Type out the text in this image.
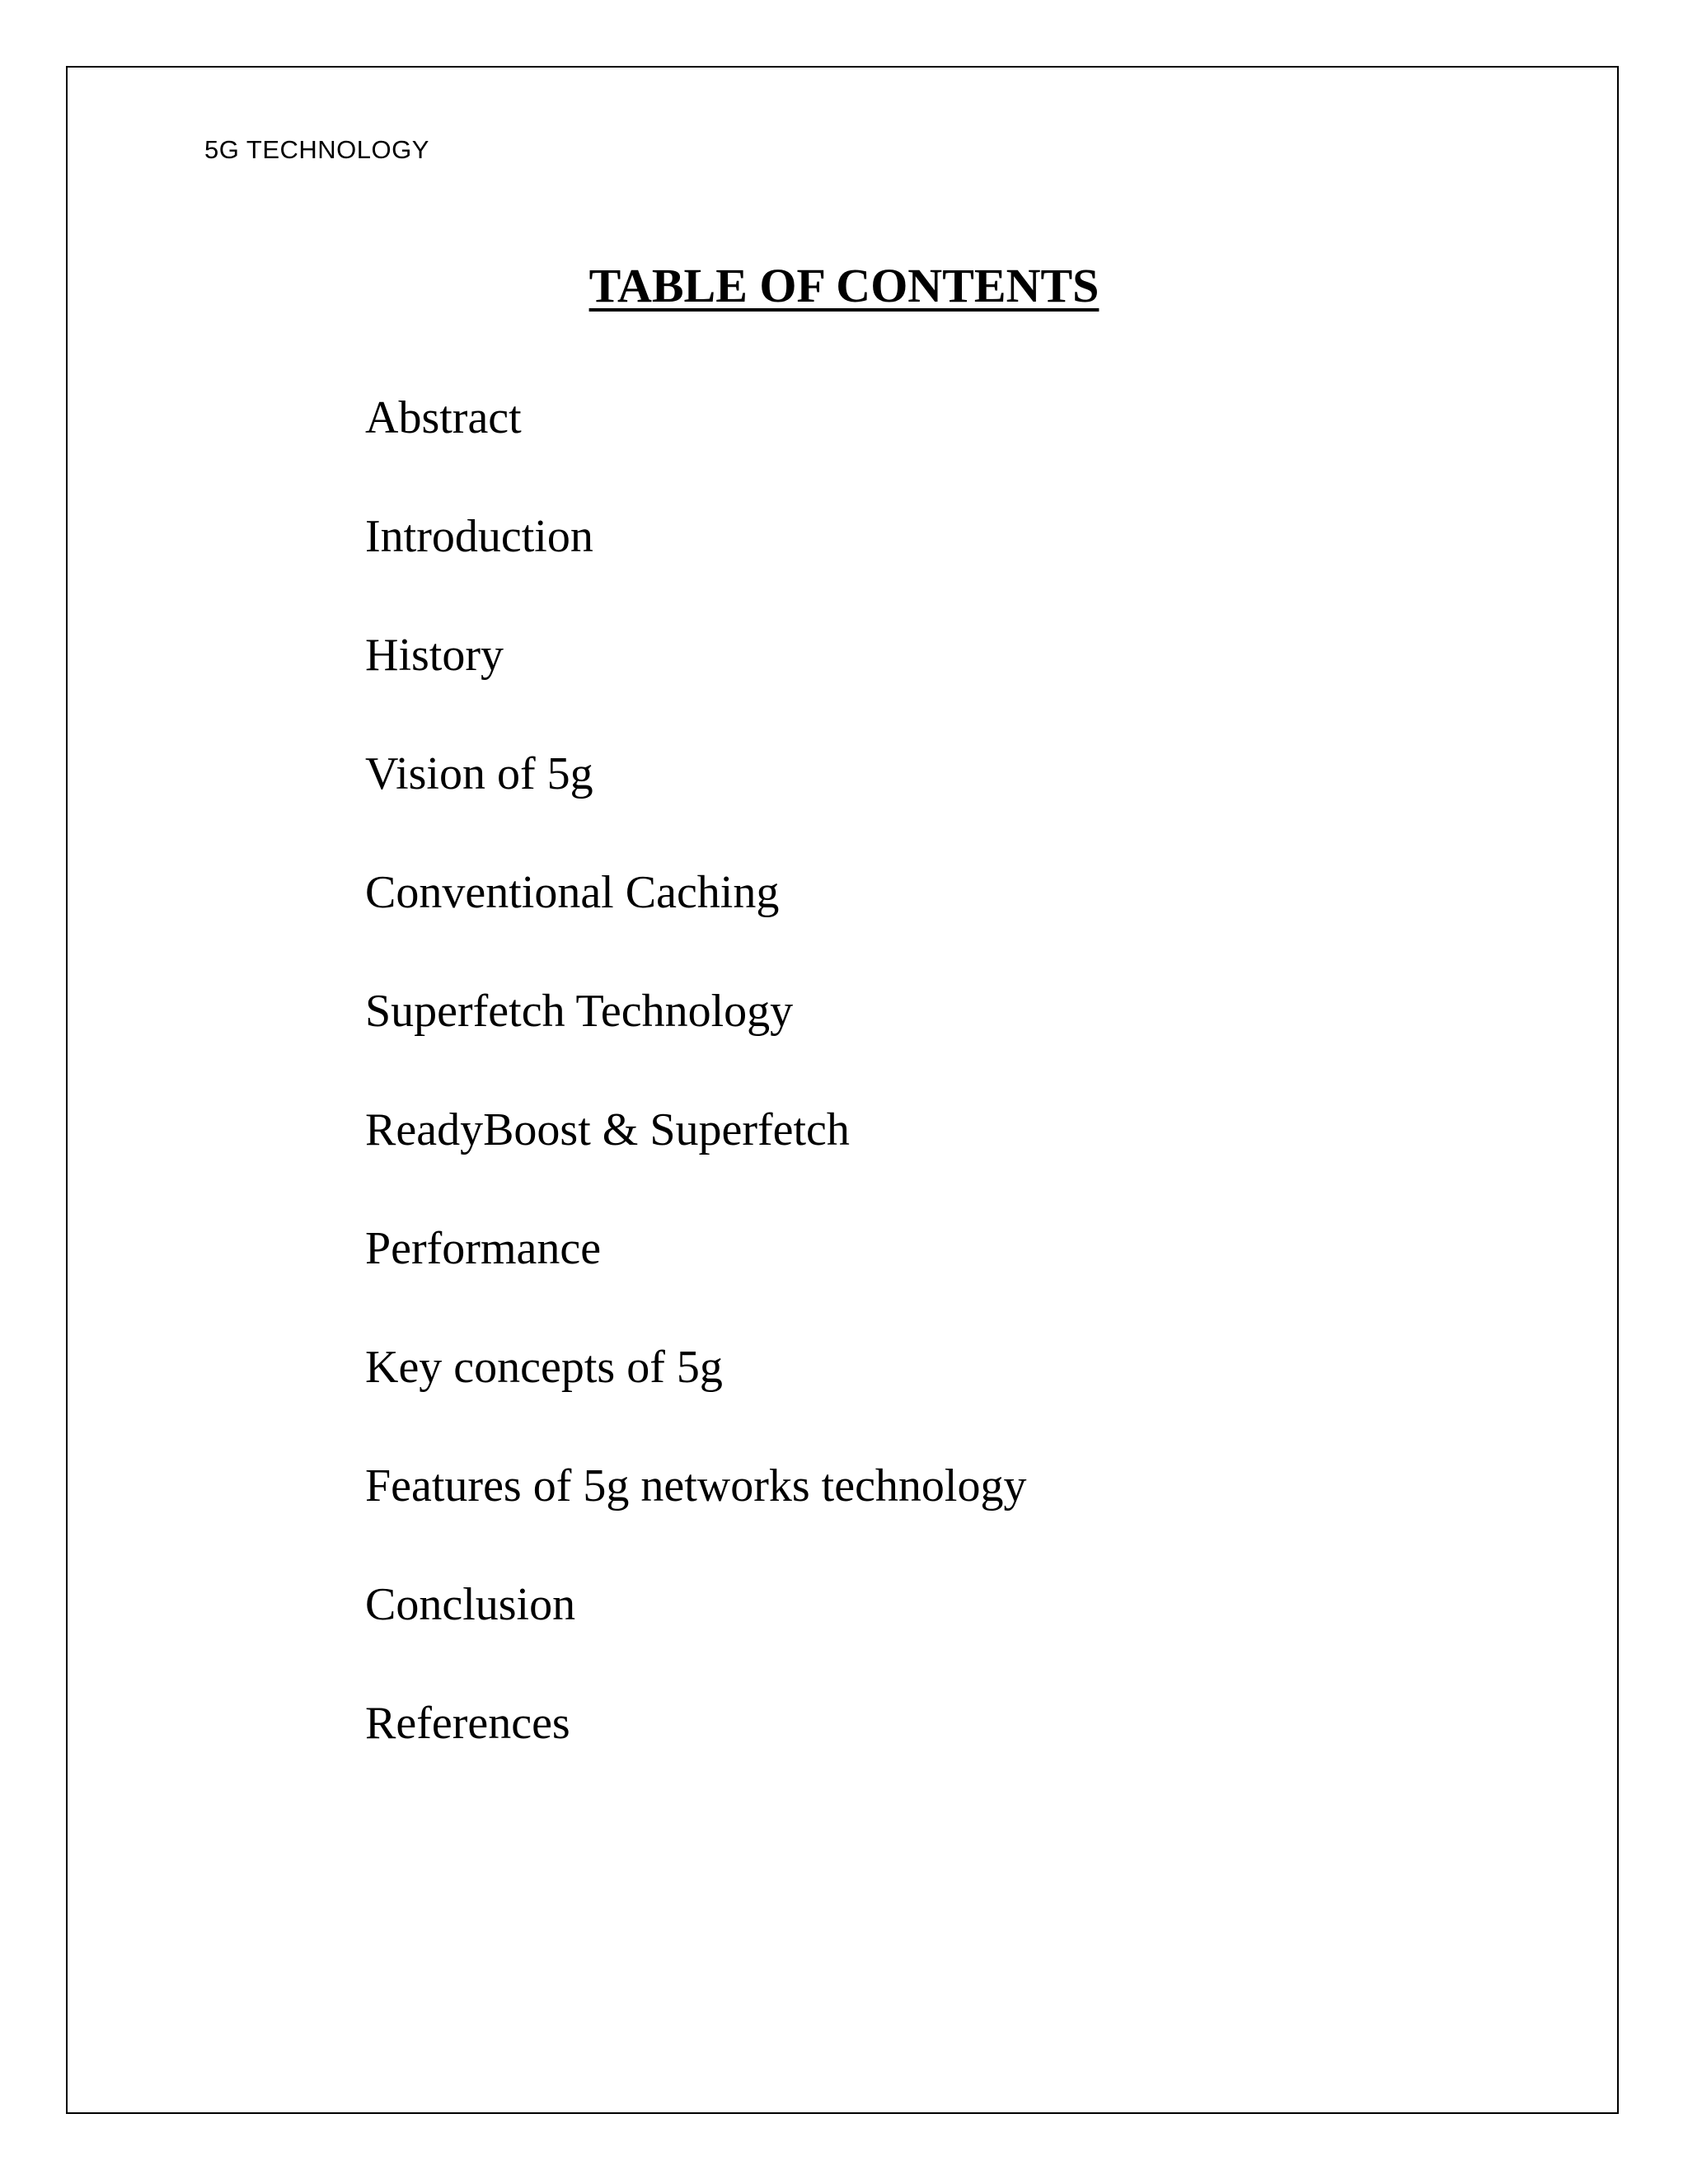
5G TECHNOLOGY
TABLE OF CONTENTS
Abstract
Introduction
History
Vision of 5g
Conventional Caching
Superfetch Technology
ReadyBoost & Superfetch
Performance
Key concepts of 5g
Features of 5g networks technology
Conclusion
References
